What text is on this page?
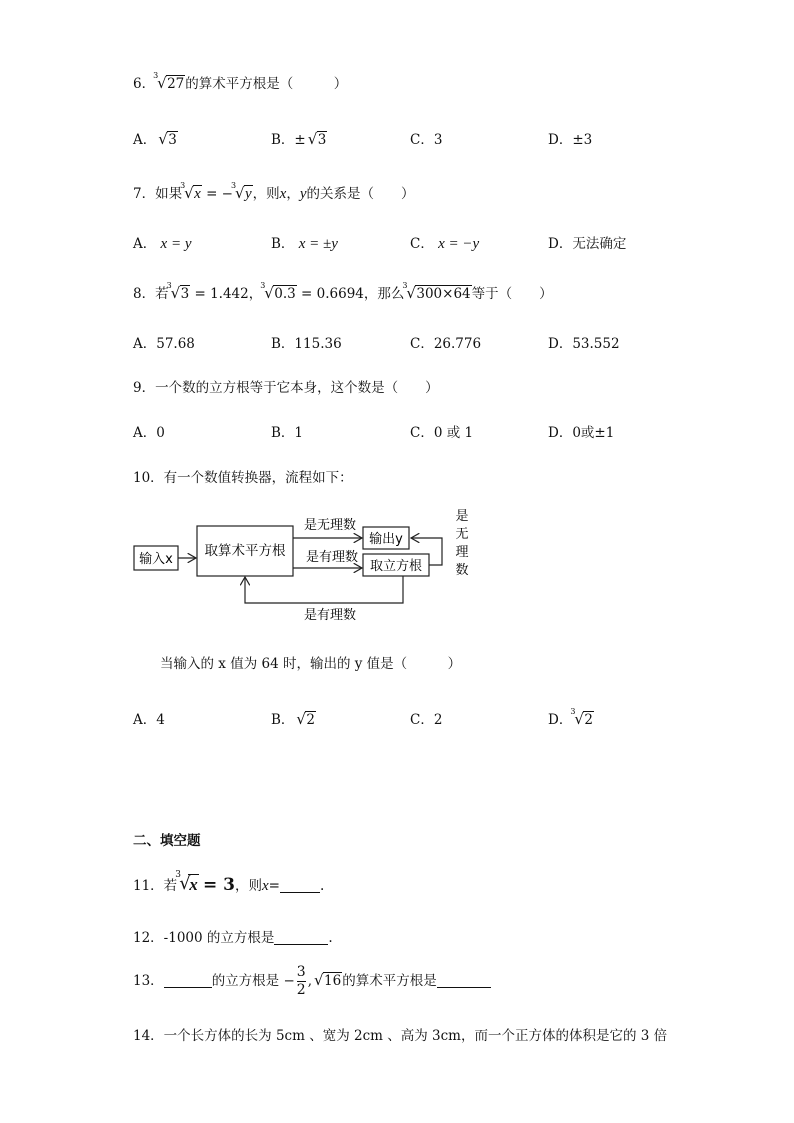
6．
3
√ 27的算术平方根是（　　　）
A． √ 3	B．± √ 3	C．3	D．±3
7．如果
3
√ x = −
3
√ y，则x，y的关系是（　　）
A． x = y	B． x = ±y	C． x = −y	D．无法确定
8．若
3
√ 3 = 1.442，
3
√ 0.3 = 0.6694，那么
3
√ 300×64等于（　　）
A．57.68	B．115.36	C．26.776	D．53.552
9．一个数的立方根等于它本身，这个数是（　　）
A．0	B．1	C．0 或 1	D．0或±1
10．有一个数值转换器，流程如下：
输入x
取算术平方根
是无理数
是有理数
输出y
取立方根
是
无
理
数
是有理数
当输入的 x 值为 64 时，输出的 y 值是（　　　）
A．4	B． √ 2	C．2	D．
3
√ 2
二、填空题
11．若
3
√
x = 3，则x=	.
12．-1000 的立方根是	.
13．	的立方根是 − $\frac{3}{2}$ , √ 16的算术平方根是
14．一个长方体的长为 5cm 、宽为 2cm 、高为 3cm，而一个正方体的体积是它的 3 倍
